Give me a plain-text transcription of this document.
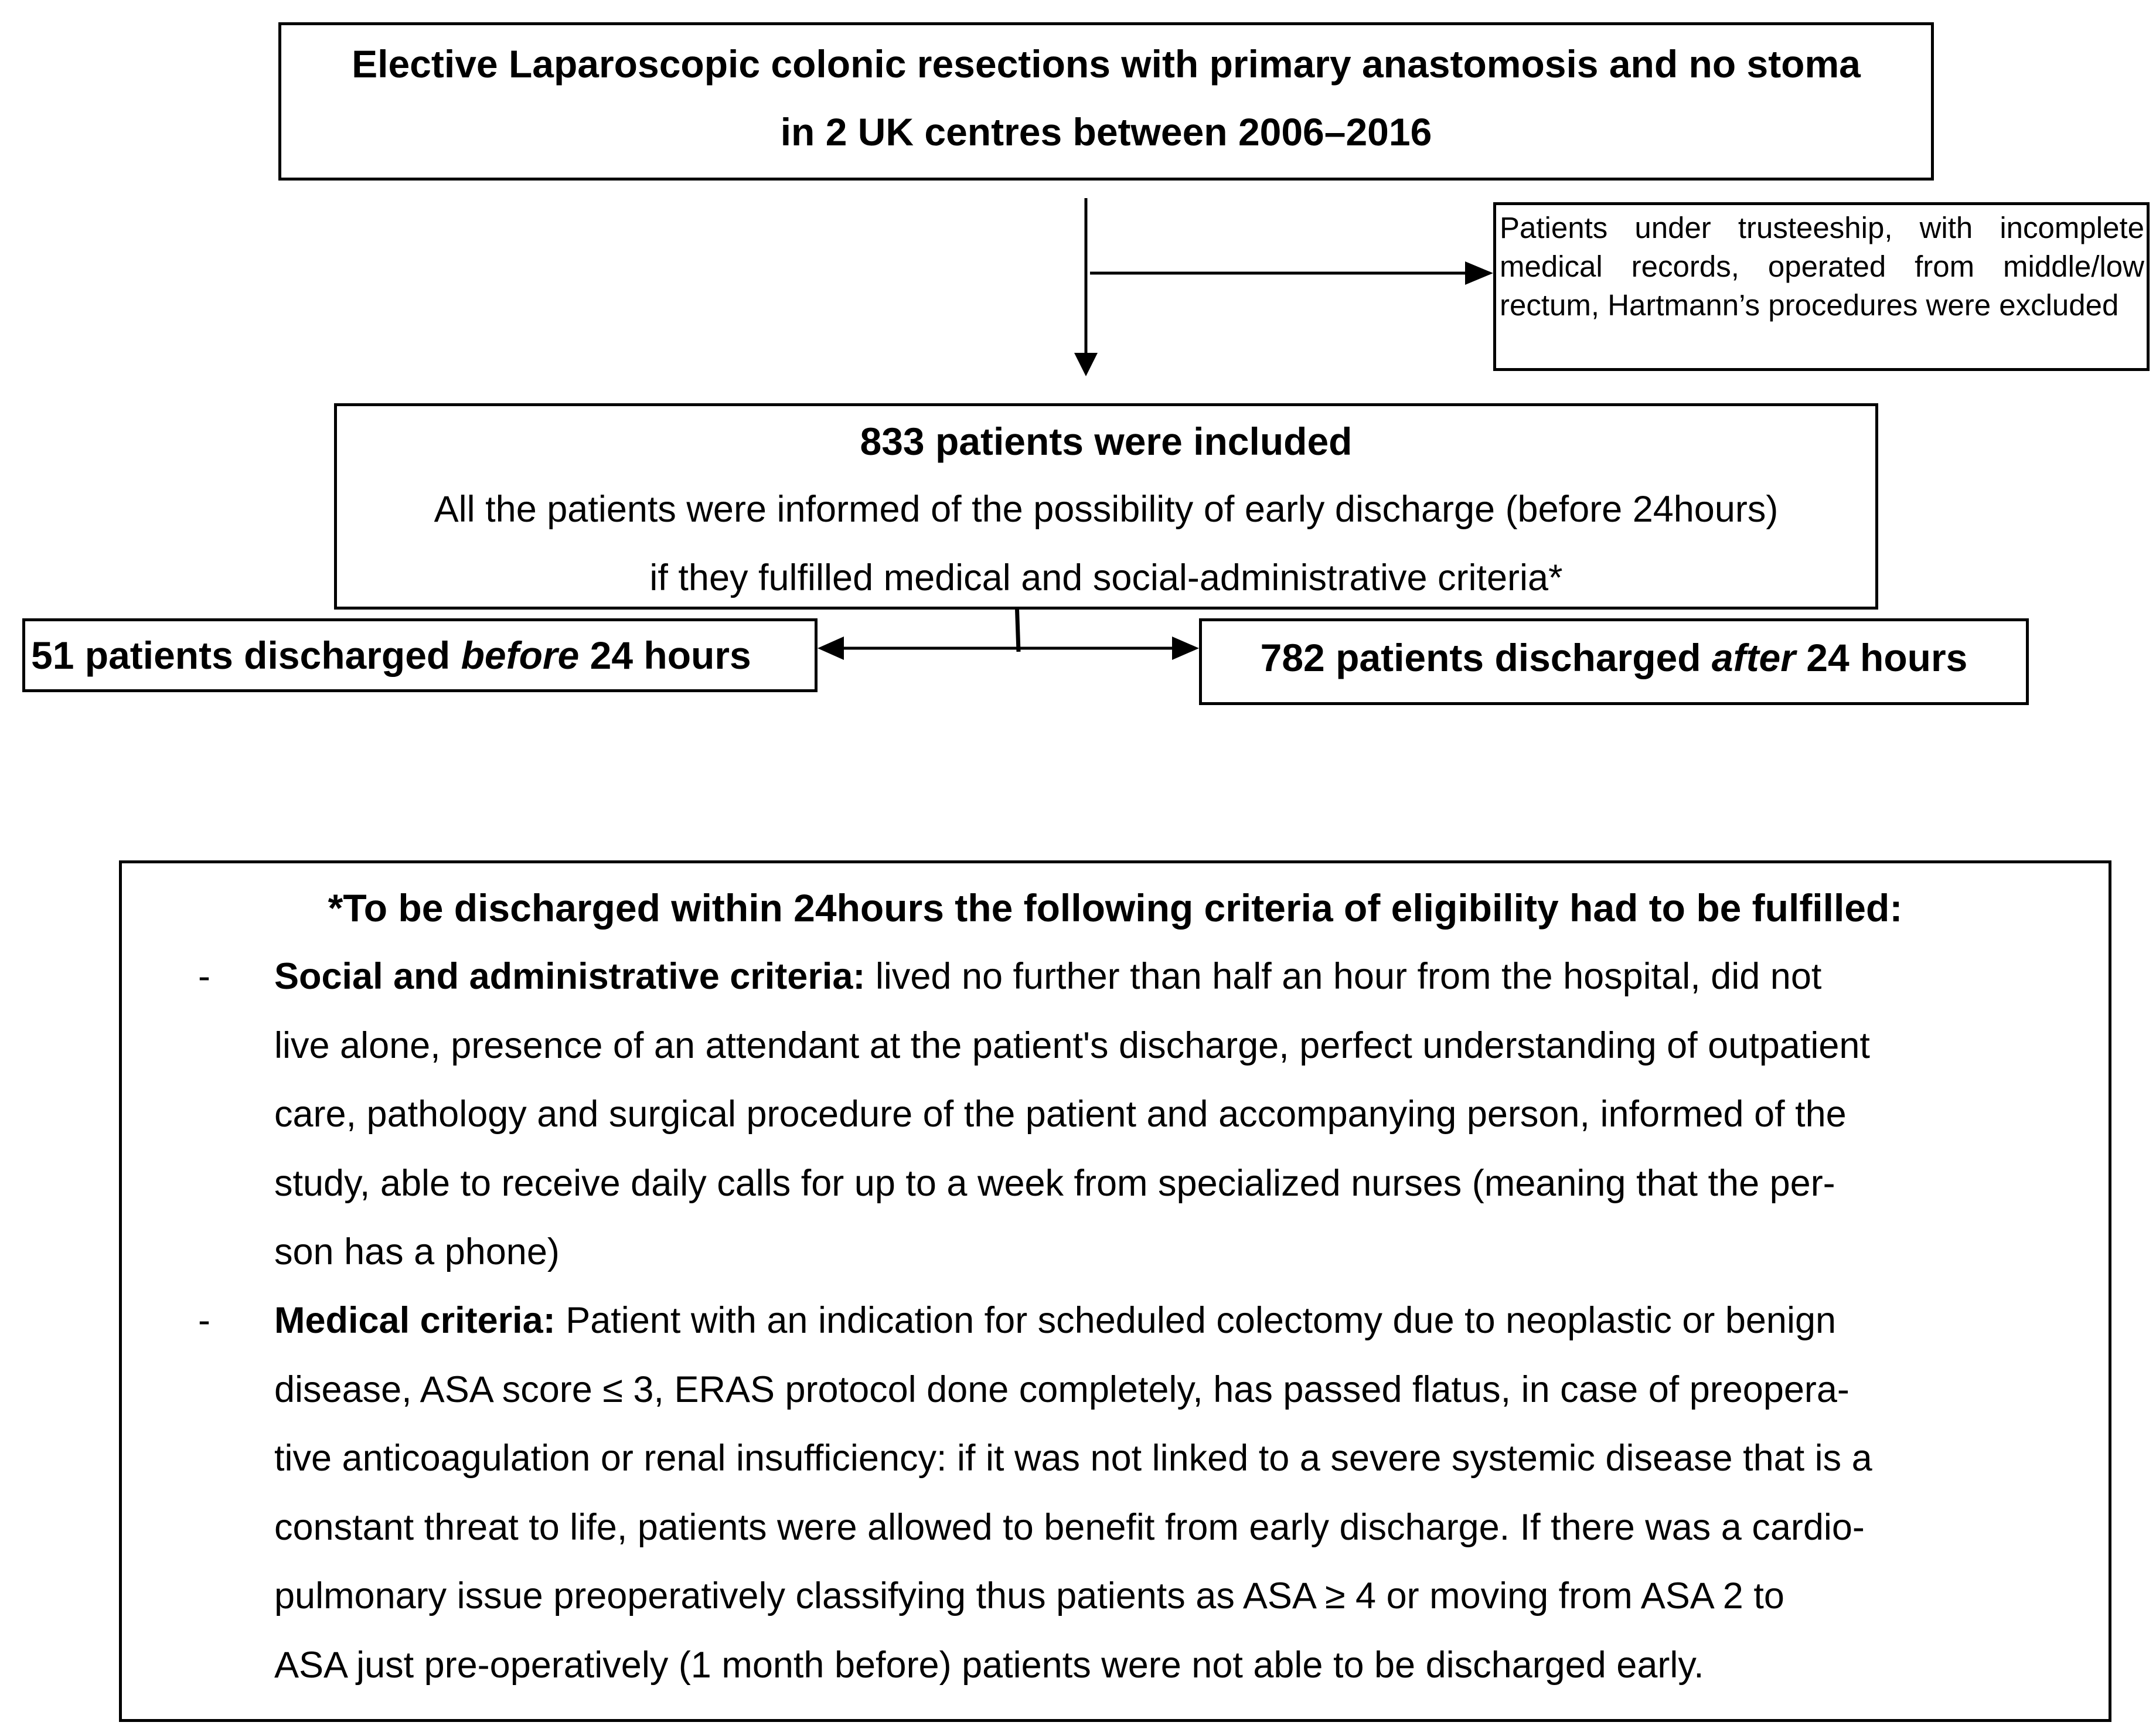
Elective Laparoscopic colonic resections with primary anastomosis and no stoma
in 2 UK centres between 2006–2016

Patients under trusteeship, with incomplete medical records, operated from middle/low rectum, Hartmann’s procedures were excluded

833 patients were included
All the patients were informed of the possibility of early discharge (before 24hours)
if they fulfilled medical and social-administrative criteria*
51 patients discharged before 24 hours	782 patients discharged after 24 hours
*To be discharged within 24hours the following criteria of eligibility had to be fulfilled:
- Social and administrative criteria: lived no further than half an hour from the hospital, did not
live alone, presence of an attendant at the patient's discharge, perfect understanding of outpatient
care, pathology and surgical procedure of the patient and accompanying person, informed of the
study, able to receive daily calls for up to a week from specialized nurses (meaning that the per-
son has a phone)
- Medical criteria: Patient with an indication for scheduled colectomy due to neoplastic or benign
disease, ASA score ≤ 3, ERAS protocol done completely, has passed flatus, in case of preopera-
tive anticoagulation or renal insufficiency: if it was not linked to a severe systemic disease that is a
constant threat to life, patients were allowed to benefit from early discharge. If there was a cardio-
pulmonary issue preoperatively classifying thus patients as ASA ≥ 4 or moving from ASA 2 to
ASA just pre-operatively (1 month before) patients were not able to be discharged early.
